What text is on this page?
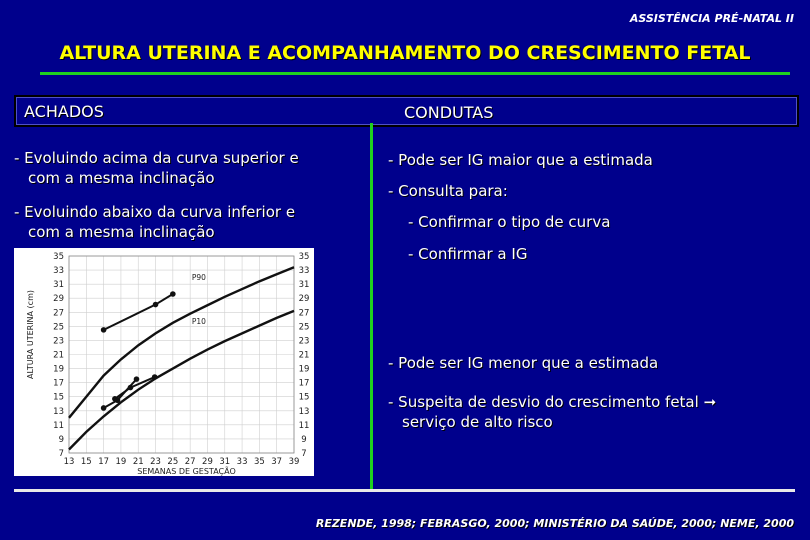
ASSISTÊNCIA PRÉ-NATAL II
ALTURA UTERINA E ACOMPANHAMENTO DO CRESCIMENTO FETAL
ACHADOS	CONDUTAS
- Evoluindo acima da curva superior e
com a mesma inclinação
- Evoluindo abaixo da curva inferior e
com a mesma inclinação
- Pode ser IG maior que a estimada
- Consulta para:
- Confirmar o tipo de curva
- Confirmar a IG
- Pode ser IG menor que a estimada
- Suspeita de desvio do crescimento fetal ➞
serviço de alto risco
13 15 17 19 21 23 25 27 29 31 33 35 37 39
35
33
31
29
27
25
23
21
19
17
15
13
11
9
7
35
33
31
29
27
25
23
21
19
17
15
13
11
9
7
SEMANAS DE GESTAÇÃO
ALTURA UTERINA (cm)
P90
P10
REZENDE, 1998; FEBRASGO, 2000; MINISTÉRIO DA SAÚDE, 2000; NEME, 2000
